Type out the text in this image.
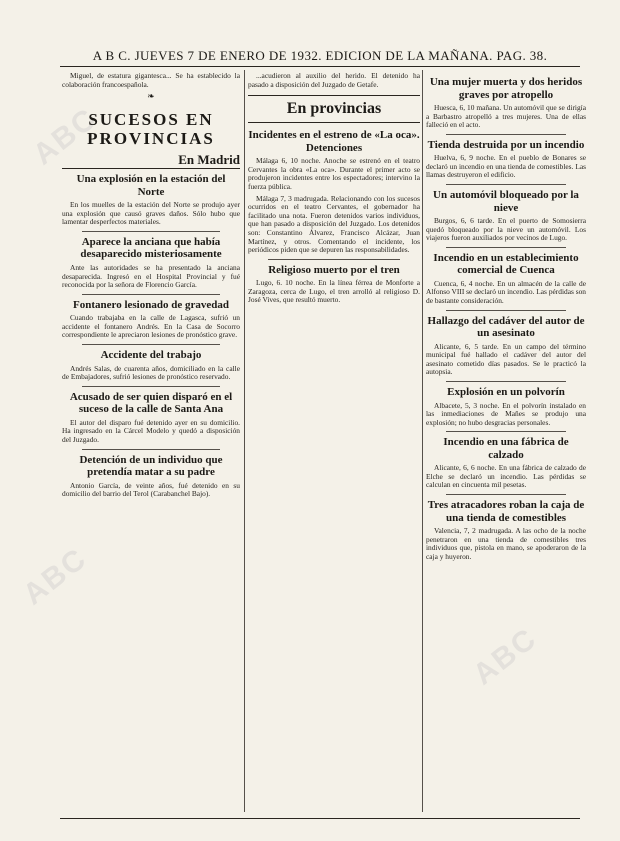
ABC
ABC
ABC
A B C. JUEVES 7 DE ENERO DE 1932. EDICION DE LA MAÑANA. PAG. 38.

Miguel, de estatura gigantesca... Se ha establecido la colaboración francoespañola.

❧
SUCESOS EN PROVINCIAS
En Madrid
Una explosión en la estación del Norte

En los muelles de la estación del Norte se produjo ayer una explosión que causó graves daños. Sólo hubo que lamentar desperfectos materiales.

Aparece la anciana que había desaparecido misteriosamente

Ante las autoridades se ha presentado la anciana desaparecida. Ingresó en el Hospital Provincial y fué reconocida por la señora de Florencio García.

Fontanero lesionado de gravedad

Cuando trabajaba en la calle de Lagasca, sufrió un accidente el fontanero Andrés. En la Casa de Socorro correspondiente le apreciaron lesiones de pronóstico grave.

Accidente del trabajo

Andrés Salas, de cuarenta años, domiciliado en la calle de Embajadores, sufrió lesiones de pronóstico reservado.

Acusado de ser quien disparó en el suceso de la calle de Santa Ana

El autor del disparo fué detenido ayer en su domicilio. Ha ingresado en la Cárcel Modelo y quedó a disposición del Juzgado.

Detención de un individuo que pretendía matar a su padre

Antonio García, de veinte años, fué detenido en su domicilio del barrio del Terol (Carabanchel Bajo).

...acudieron al auxilio del herido. El detenido ha pasado a disposición del Juzgado de Getafe.

En provincias
Incidentes en el estreno de «La oca». Detenciones

Málaga 6, 10 noche. Anoche se estrenó en el teatro Cervantes la obra «La oca». Durante el primer acto se produjeron incidentes entre los espectadores; intervino la fuerza pública.

Málaga 7, 3 madrugada. Relacionando con los sucesos ocurridos en el teatro Cervantes, el gobernador ha facilitado una nota. Fueron detenidos varios individuos, que han pasado a disposición del Juzgado. Los detenidos son: Constantino Álvarez, Francisco Alcázar, Juan Martínez, y otros. Comentando el incidente, los periódicos piden que se depuren las responsabilidades.

Religioso muerto por el tren

Lugo, 6. 10 noche. En la línea férrea de Monforte a Zaragoza, cerca de Lugo, el tren arrolló al religioso D. José Vives, que resultó muerto.

Una mujer muerta y dos heridos graves por atropello

Huesca, 6, 10 mañana. Un automóvil que se dirigía a Barbastro atropelló a tres mujeres. Una de ellas falleció en el acto.

Tienda destruida por un incendio

Huelva, 6, 9 noche. En el pueblo de Bonares se declaró un incendio en una tienda de comestibles. Las llamas destruyeron el edificio.

Un automóvil bloqueado por la nieve

Burgos, 6, 6 tarde. En el puerto de Somosierra quedó bloqueado por la nieve un automóvil. Los viajeros fueron auxiliados por vecinos de Lugo.

Incendio en un establecimiento comercial de Cuenca

Cuenca, 6, 4 noche. En un almacén de la calle de Alfonso VIII se declaró un incendio. Las pérdidas son de bastante consideración.

Hallazgo del cadáver del autor de un asesinato

Alicante, 6, 5 tarde. En un campo del término municipal fué hallado el cadáver del autor del asesinato cometido días pasados. Se le practicó la autopsia.

Explosión en un polvorín

Albacete, 5, 3 noche. En el polvorín instalado en las inmediaciones de Mañes se produjo una explosión; no hubo desgracias personales.

Incendio en una fábrica de calzado

Alicante, 6, 6 noche. En una fábrica de calzado de Elche se declaró un incendio. Las pérdidas se calculan en cincuenta mil pesetas.

Tres atracadores roban la caja de una tienda de comestibles

Valencia, 7, 2 madrugada. A las ocho de la noche penetraron en una tienda de comestibles tres individuos que, pistola en mano, se apoderaron de la caja y huyeron.
